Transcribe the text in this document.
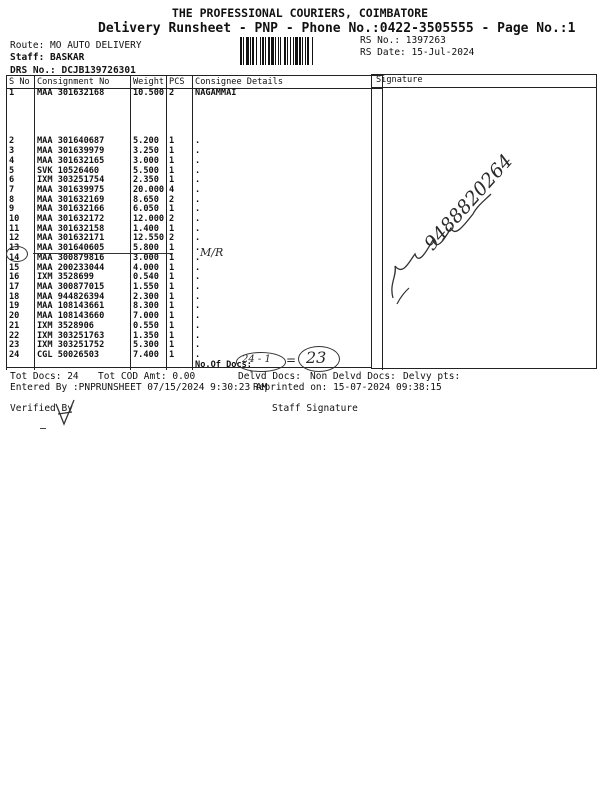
THE PROFESSIONAL COURIERS, COIMBATORE
Delivery Runsheet - PNP - Phone No.:0422-3505555 - Page No.:1
Route: MO AUTO DELIVERY
Staff: BASKAR
DRS No.: DCJB139726301
RS No.: 1397263
RS Date: 15-Jul-2024
Signature
S No	Consignment No	Weight	PCS	Consignee Details
1	MAA 301632168	10.500	2	NAGAMMAI

2	MAA 301640687	5.200	1	.
3	MAA 301639979	3.250	1	.
4	MAA 301632165	3.000	1	.
5	SVK 10526460	5.500	1	.
6	IXM 303251754	2.350	1	.
7	MAA 301639975	20.000	4	.
8	MAA 301632169	8.650	2	.
9	MAA 301632166	6.050	1	.
10	MAA 301632172	12.000	2	.
11	MAA 301632158	1.400	1	.
12	MAA 301632171	12.550	2	.
13	MAA 301640605	5.800	1	.
14	MAA 300879816	3.000	1	.
15	MAA 200233044	4.000	1	.
16	IXM 3528699	0.540	1	.
17	MAA 300877015	1.550	1	.
18	MAA 944826394	2.300	1	.
19	MAA 108143661	8.300	1	.
20	MAA 108143660	7.000	1	.
21	IXM 3528906	0.550	1	.
22	IXM 303251763	1.350	1	.
23	IXM 303251752	5.300	1	.
24	CGL 50026503	7.400	1	.
				No.Of Docs:
M/R
24 - 1 = 23
9488820264
Tot Docs: 24 Tot COD Amt: 0.00	Delvd Docs: Non Delvd Docs: Delvy pts:
Entered By :PNPRUNSHEET 07/15/2024 9:30:23 AM
Reprinted on: 15-07-2024 09:38:15
Verified By	Staff Signature
